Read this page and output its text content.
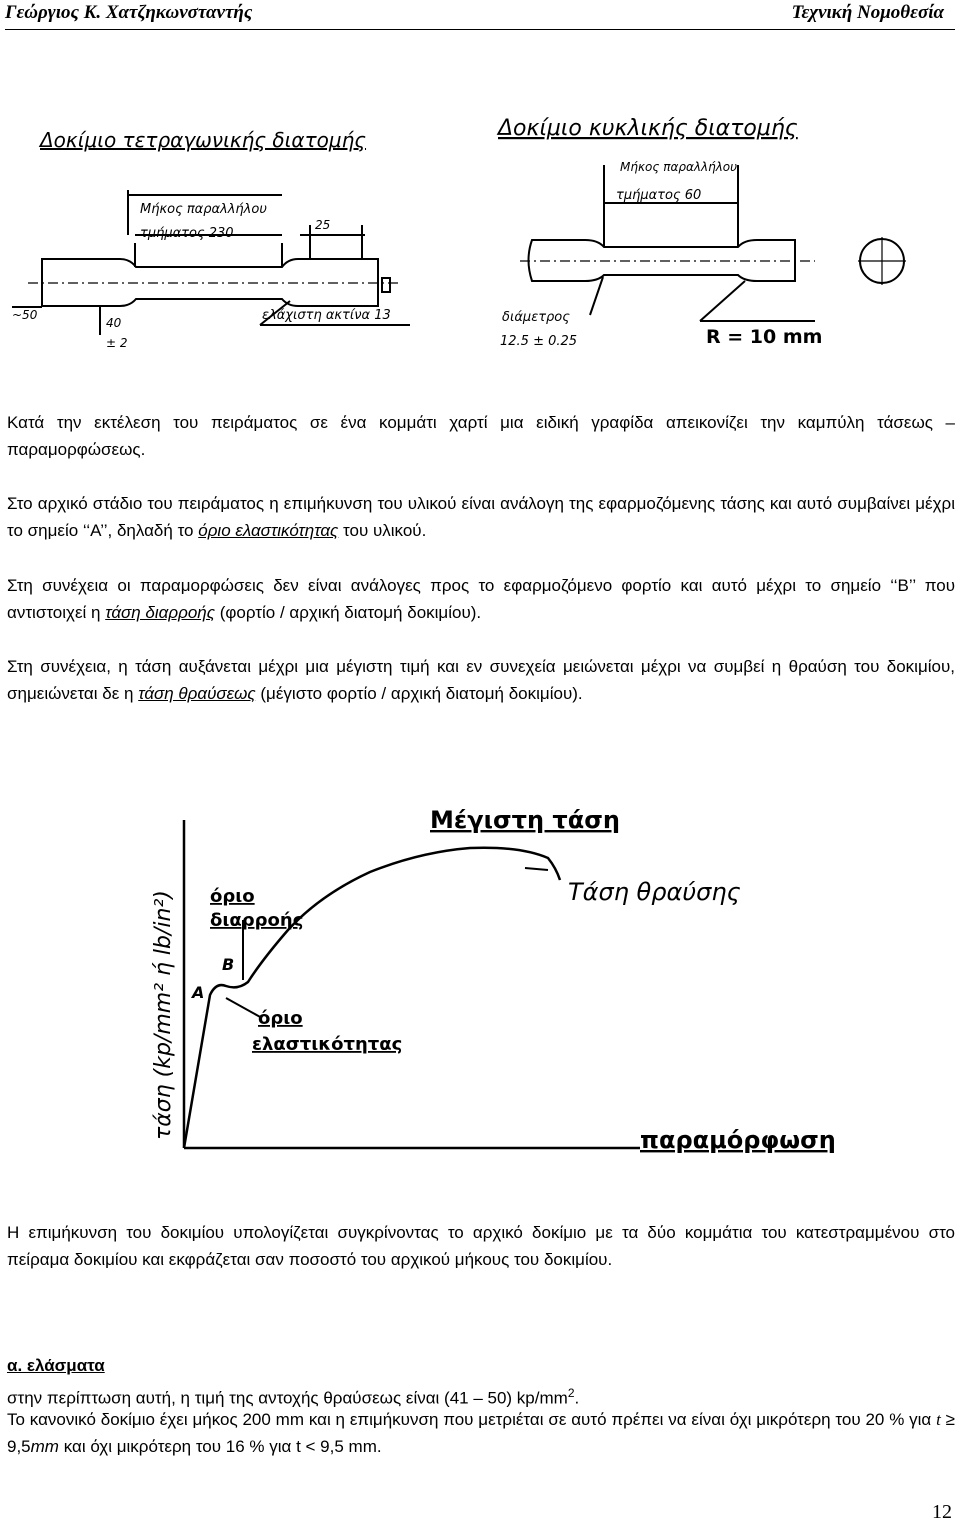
Γεώργιος Κ. Χατζηκωνσταντής	Τεχνική Νομοθεσία
Δοκίμιο τετραγωνικής διατομής
Μήκος παραλλήλου
τμήματος 230
25
~50
40
± 2
ελάχιστη ακτίνα 13
Δοκίμιο κυκλικής διατομής
Μήκος παραλλήλου
τμήματος 60
διάμετρος
12.5 ± 0.25	R = 10 mm

Κατά την εκτέλεση του πειράματος σε ένα κομμάτι χαρτί μια ειδική γραφίδα απεικονίζει την καμπύλη τάσεως – παραμορφώσεως.

Στο αρχικό στάδιο του πειράματος η επιμήκυνση του υλικού είναι ανάλογη της εφαρμοζόμενης τάσης και αυτό συμβαίνει μέχρι το σημείο ‘‘Α’’, δηλαδή το όριο ελαστικότητας του υλικού.

Στη συνέχεια οι παραμορφώσεις δεν είναι ανάλογες προς το εφαρμοζόμενο φορτίο και αυτό μέχρι το σημείο ‘‘Β’’ που αντιστοιχεί η τάση διαρροής (φορτίο / αρχική διατομή δοκιμίου).

Στη συνέχεια, η τάση αυξάνεται μέχρι μια μέγιστη τιμή και εν συνεχεία μειώνεται μέχρι να συμβεί η θραύση του δοκιμίου, σημειώνεται δε η τάση θραύσεως (μέγιστο φορτίο / αρχική διατομή δοκιμίου).

Μέγιστη τάση
Τάση θραύσης
όριο
διαρροής
όριο
ελαστικότητας
A
B
παραμόρφωση
τάση (kp/mm² ή lb/in²)

Η επιμήκυνση του δοκιμίου υπολογίζεται συγκρίνοντας το αρχικό δοκίμιο με τα δύο κομμάτια του κατεστραμμένου στο πείραμα δοκιμίου και εκφράζεται σαν ποσοστό του αρχικού μήκους του δοκιμίου.

α. ελάσματα

στην περίπτωση αυτή, η τιμή της αντοχής θραύσεως είναι (41 – 50) $kp/mm^2$.

Το κανονικό δοκίμιο έχει μήκος 200 mm και η επιμήκυνση που μετριέται σε αυτό πρέπει να είναι όχι μικρότερη του 20 % για t ≥ 9,5mm και όχι μικρότερη του 16 % για t < 9,5 mm.

12
